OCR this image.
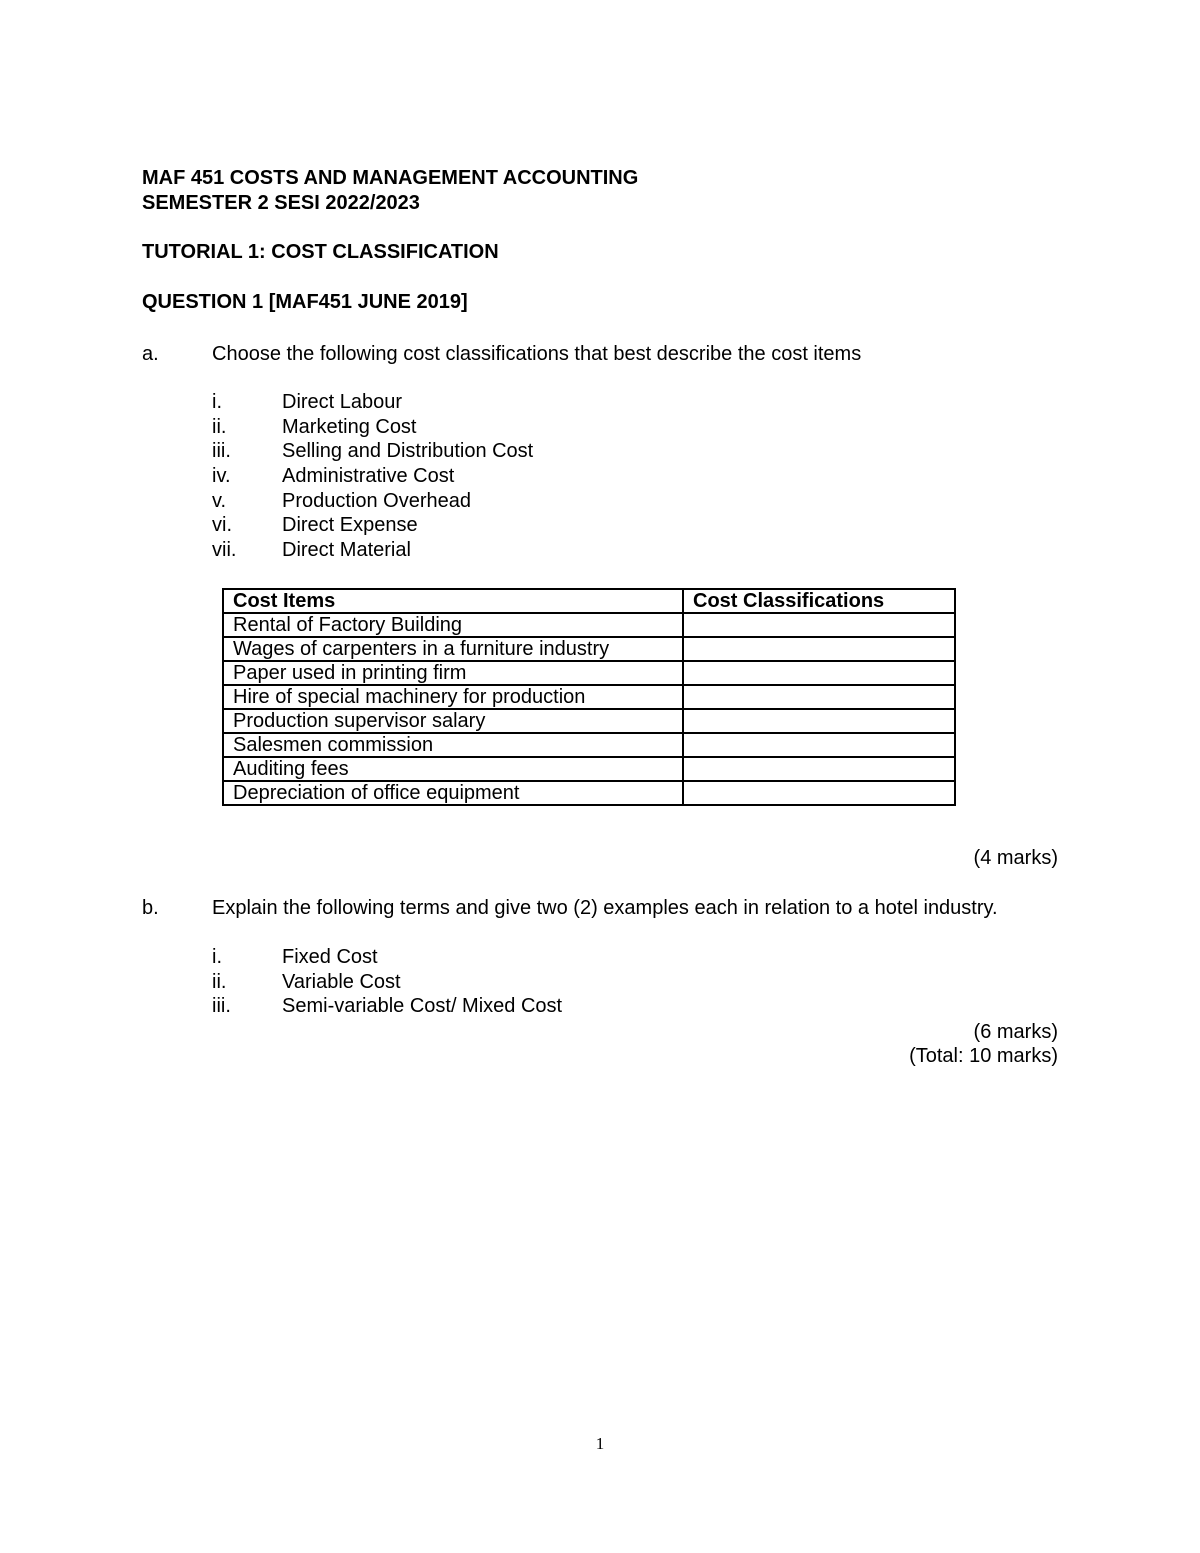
MAF 451 COSTS AND MANAGEMENT ACCOUNTING
SEMESTER 2 SESI 2022/2023
TUTORIAL 1: COST CLASSIFICATION
QUESTION 1 [MAF451 JUNE 2019]
a.	Choose the following cost classifications that best describe the cost items
i.	Direct Labour
ii.	Marketing Cost
iii.	Selling and Distribution Cost
iv.	Administrative Cost
v.	Production Overhead
vi.	Direct Expense
vii. Direct Material
Cost Items	Cost Classifications
Rental of Factory Building	
Wages of carpenters in a furniture industry	
Paper used in printing firm	
Hire of special machinery for production	
Production supervisor salary	
Salesmen commission	
Auditing fees	
Depreciation of office equipment	
(4 marks)
b.	Explain the following terms and give two (2) examples each in relation to a hotel industry.
i.	Fixed Cost
ii.	Variable Cost
iii.	Semi-variable Cost/ Mixed Cost
(6 marks)
(Total: 10 marks)
1
